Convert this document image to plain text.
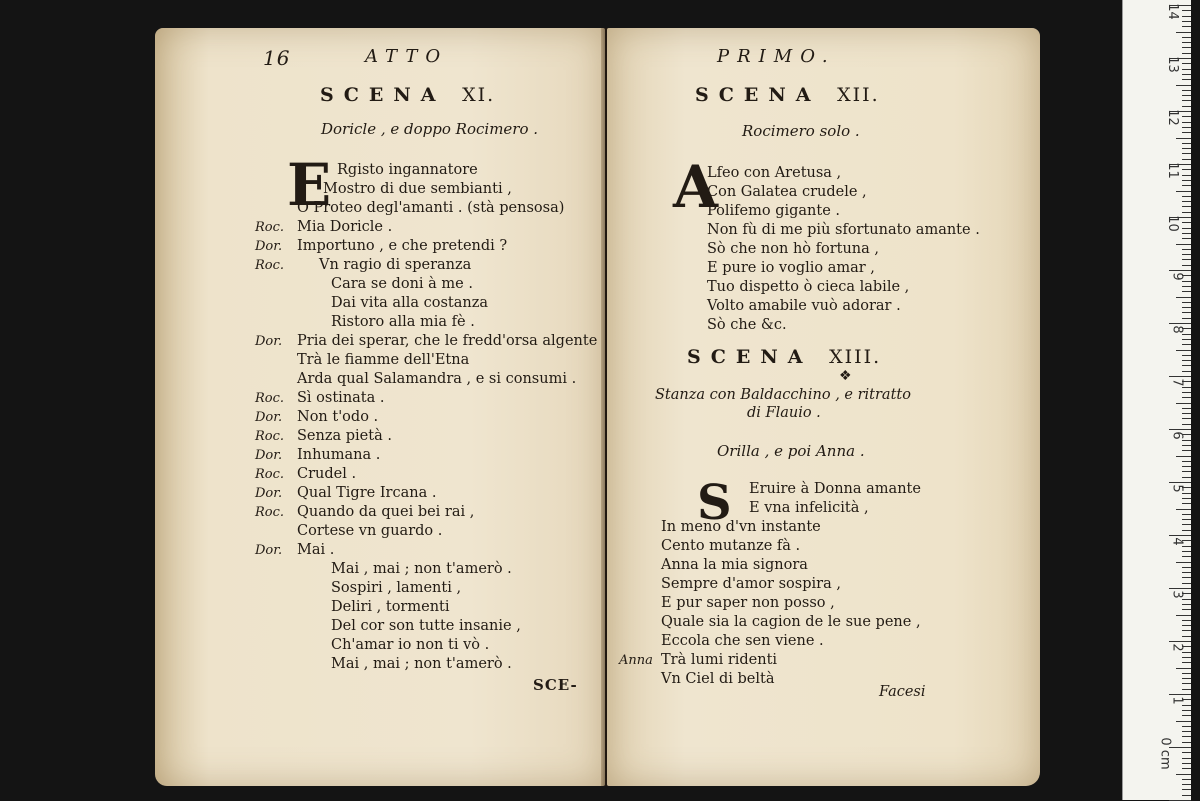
16	ATTO
SCENA XI.
Doricle , e doppo Rocimero .
E Rgisto ingannatore
Mostro di due sembianti ,
O Proteo degl'amanti . (stà pensosa)
Roc. Mia Doricle .
Dor. Importuno , e che pretendi ?
Roc. Vn ragio di speranza
Cara se doni à me .
Dai vita alla costanza
Ristoro alla mia fè .
Dor. Pria dei sperar, che le fredd'orsa algente
Trà le fiamme dell'Etna
Arda qual Salamandra , e si consumi .
Roc. Sì ostinata .
Dor. Non t'odo .
Roc. Senza pietà .
Dor. Inhumana .
Roc. Crudel .
Dor. Qual Tigre Ircana .
Roc. Quando da quei bei rai ,
Cortese vn guardo .
Dor. Mai .
Mai , mai ; non t'amerò .
Sospiri , lamenti ,
Deliri , tormenti
Del cor son tutte insanie ,
Ch'amar io non ti vò .
Mai , mai ; non t'amerò .
SCE-
PRIMO.
SCENA XII.
Rocimero solo .
A
Lfeo con Aretusa ,
Con Galatea crudele ,
Polifemo gigante .
Non fù di me più sfortunato amante .
Sò che non hò fortuna ,
E pure io voglio amar ,
Tuo dispetto ò cieca labile ,
Volto amabile vuò adorar .
Sò che &c.
SCENA XIII.
❖
Stanza con Baldacchino , e ritratto
di Flauio .
Orilla , e poi Anna .
S	Eruire à Donna amante
E vna infelicità ,
In meno d'vn instante
Cento mutanze fà .
Anna la mia signora
Sempre d'amor sospira ,
E pur saper non posso ,
Quale sia la cagion de le sue pene ,
Eccola che sen viene .
Anna Trà lumi ridenti
Vn Ciel di beltà
Facesi
14
13
12
11
10
9
8
7
6
5
4
3
2
1
0 cm
